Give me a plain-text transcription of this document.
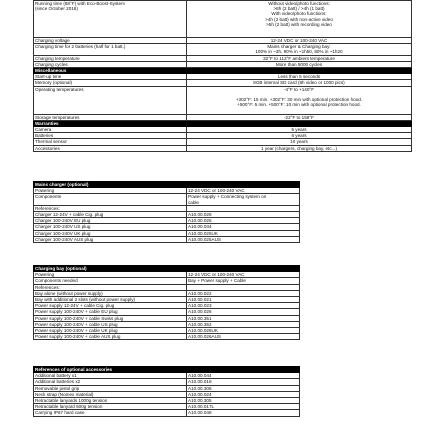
Running time (68°F) with Eco-Boost-System
(since October 2018)	Without video/photo functions:
>8h (2 batt) / >4h (1 batt)
With video/photo functions:
>4h (2 batt) with non-active video
>5h (2 batt) with recording video
Charging voltage	12-24 VDC or 100-240 VAC
Charging time for 2 batteries (half for 1 batt.)	Mains charger & Charging bay:
100% in ~3h, 90% in ~1h50, 80% in ~1h20
Charging temperature	32°F to 113°F ambient temperature
Charging cycles	More than 5000 cycles
Miscellaneous	
Start-up time	Less than 5 seconds
Memory (optional)	8GB internal SD card (8h video or 1000 pics)
Operating temperatures	-4°F to +140°F

+302°F: 15 min. +302°F: 30 min with optional protection hood.
+500°F: 5 min. +500°F: 10 min with optional protection hood.
Storage temperatures	-22°F to 158°F
Warranties	
Camera	5 years
Batteries	6 years
Thermal sensor	10 years
Accessories	1 year (chargers, charging bay, etc...)
Mains charger (optional)	
Powering	12-24 VDC or 100-240 VAC
Components	Power supply + Connecting system on
cable
References:	
Charger 12-24V + cable Cig. plug	A10.00.028
Charger 100-240V EU plug	A10.00.025
Charger 100-240V US plug	A10.00.034
Charger 100-240V UK plug	A10.00.025UK
Charger 100-240V AUS plug	A10.00.025AUS
Charging bay (optional)	
Powering	12-24 VDC or 100-240 VAC
Components needed	Bay + Power supply + Cable
References:	
Bay alone (without power supply)	A10.00.022
Bay with additional 2 slots (without power supply)	A10.00.021
Power supply 12-24V + cable Cig. plug	A10.00.023
Power supply 100-240V + cable EU plug	A10.00.026
Power supply 100-240V + cable Swiss plug	A10.00.351
Power supply 100-240V + cable US plug	A10.00.352
Power supply 100-240V + cable UK plug	A10.00.026UK
Power supply 100-240V + cable AUS plug	A10.00.026AUS
References of optional accessories	
Additional battery x1	A10.00.044
Additional batteries x2	A10.00.016
Removable pistol grip	A10.00.306
Neck strap (Nomex material)	A10.00.024
Retractable lanyards 1000g tension	A10.00.305
Retractable lanyard 500g tension	A10.00.017L
Carrying IP67 hard case	A10.00.048
